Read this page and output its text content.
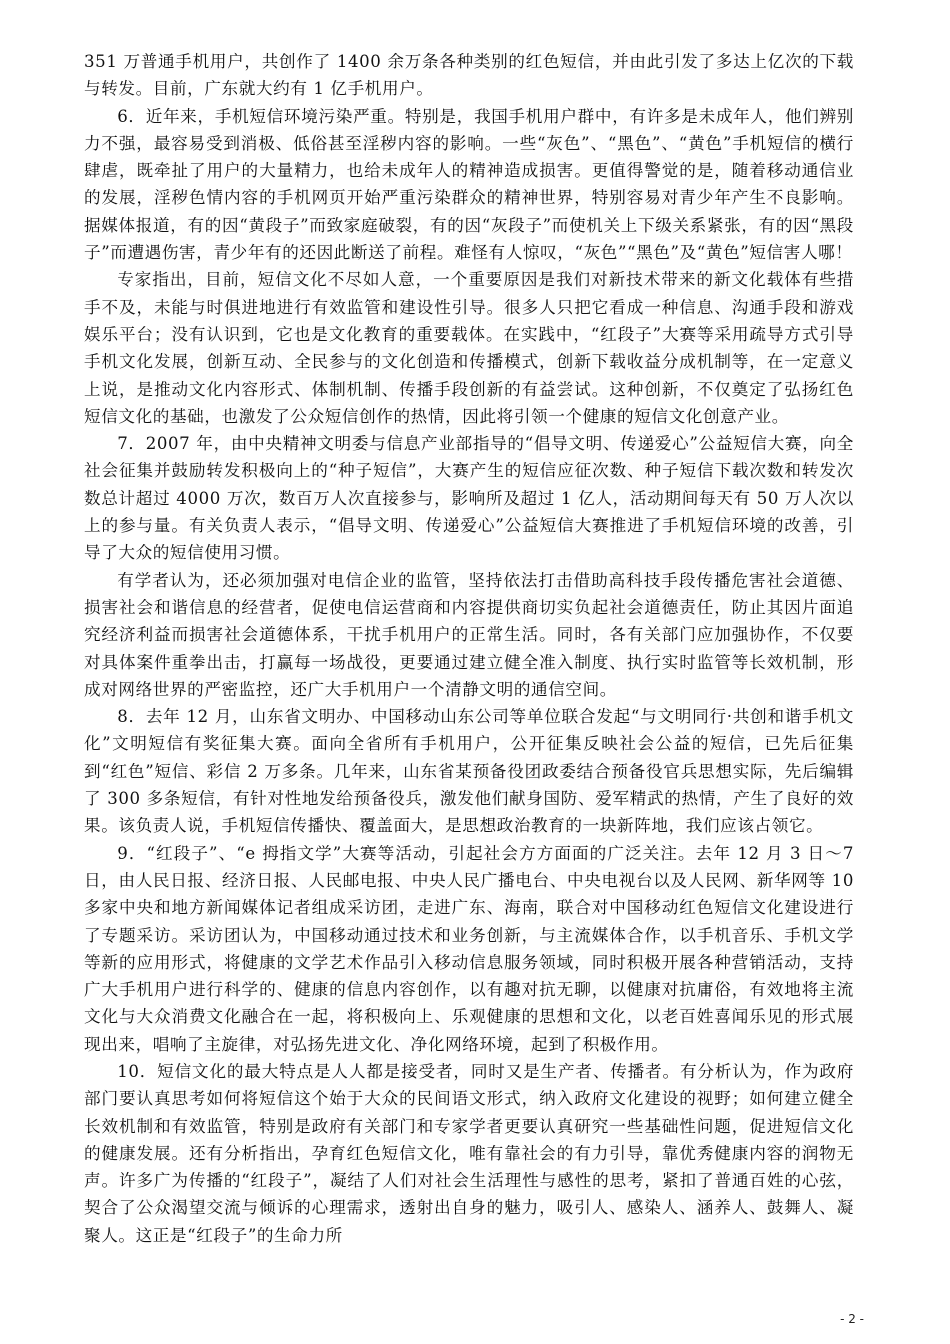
351 万普通手机用户，共创作了 1400 余万条各种类别的红色短信，并由此引发了多达上亿次的下载与转发。目前，广东就大约有 1 亿手机用户。

6．近年来，手机短信环境污染严重。特别是，我国手机用户群中，有许多是未成年人，他们辨别力不强，最容易受到消极、低俗甚至淫秽内容的影响。一些“灰色”、“黑色”、“黄色”手机短信的横行肆虐，既牵扯了用户的大量精力，也给未成年人的精神造成损害。更值得警觉的是，随着移动通信业的发展，淫秽色情内容的手机网页开始严重污染群众的精神世界，特别容易对青少年产生不良影响。据媒体报道，有的因“黄段子”而致家庭破裂，有的因“灰段子”而使机关上下级关系紧张，有的因“黑段子”而遭遇伤害，青少年有的还因此断送了前程。难怪有人惊叹，“灰色”“黑色”及“黄色”短信害人哪！

专家指出，目前，短信文化不尽如人意，一个重要原因是我们对新技术带来的新文化载体有些措手不及，未能与时俱进地进行有效监管和建设性引导。很多人只把它看成一种信息、沟通手段和游戏娱乐平台；没有认识到，它也是文化教育的重要载体。在实践中，“红段子”大赛等采用疏导方式引导手机文化发展，创新互动、全民参与的文化创造和传播模式，创新下载收益分成机制等，在一定意义上说，是推动文化内容形式、体制机制、传播手段创新的有益尝试。这种创新，不仅奠定了弘扬红色短信文化的基础，也激发了公众短信创作的热情，因此将引领一个健康的短信文化创意产业。

7．2007 年，由中央精神文明委与信息产业部指导的“倡导文明、传递爱心”公益短信大赛，向全社会征集并鼓励转发积极向上的“种子短信”，大赛产生的短信应征次数、种子短信下载次数和转发次数总计超过 4000 万次，数百万人次直接参与，影响所及超过 1 亿人，活动期间每天有 50 万人次以上的参与量。有关负责人表示，“倡导文明、传递爱心”公益短信大赛推进了手机短信环境的改善，引导了大众的短信使用习惯。

有学者认为，还必须加强对电信企业的监管，坚持依法打击借助高科技手段传播危害社会道德、损害社会和谐信息的经营者，促使电信运营商和内容提供商切实负起社会道德责任，防止其因片面追究经济利益而损害社会道德体系，干扰手机用户的正常生活。同时，各有关部门应加强协作，不仅要对具体案件重拳出击，打赢每一场战役，更要通过建立健全准入制度、执行实时监管等长效机制，形成对网络世界的严密监控，还广大手机用户一个清静文明的通信空间。

8．去年 12 月，山东省文明办、中国移动山东公司等单位联合发起“与文明同行·共创和谐手机文化”文明短信有奖征集大赛。面向全省所有手机用户，公开征集反映社会公益的短信，已先后征集到“红色”短信、彩信 2 万多条。几年来，山东省某预备役团政委结合预备役官兵思想实际，先后编辑了 300 多条短信，有针对性地发给预备役兵，激发他们献身国防、爱军精武的热情，产生了良好的效果。该负责人说，手机短信传播快、覆盖面大，是思想政治教育的一块新阵地，我们应该占领它。

9．“红段子”、“e 拇指文学”大赛等活动，引起社会方方面面的广泛关注。去年 12 月 3 日～7 日，由人民日报、经济日报、人民邮电报、中央人民广播电台、中央电视台以及人民网、新华网等 10 多家中央和地方新闻媒体记者组成采访团，走进广东、海南，联合对中国移动红色短信文化建设进行了专题采访。采访团认为，中国移动通过技术和业务创新，与主流媒体合作，以手机音乐、手机文学等新的应用形式，将健康的文学艺术作品引入移动信息服务领域，同时积极开展各种营销活动，支持广大手机用户进行科学的、健康的信息内容创作，以有趣对抗无聊，以健康对抗庸俗，有效地将主流文化与大众消费文化融合在一起，将积极向上、乐观健康的思想和文化，以老百姓喜闻乐见的形式展现出来，唱响了主旋律，对弘扬先进文化、净化网络环境，起到了积极作用。

10．短信文化的最大特点是人人都是接受者，同时又是生产者、传播者。有分析认为，作为政府部门要认真思考如何将短信这个始于大众的民间语文形式，纳入政府文化建设的视野；如何建立健全长效机制和有效监管，特别是政府有关部门和专家学者更要认真研究一些基础性问题，促进短信文化的健康发展。还有分析指出，孕育红色短信文化，唯有靠社会的有力引导，靠优秀健康内容的润物无声。许多广为传播的“红段子”，凝结了人们对社会生活理性与感性的思考，紧扣了普通百姓的心弦，契合了公众渴望交流与倾诉的心理需求，透射出自身的魅力，吸引人、感染人、涵养人、鼓舞人、凝聚人。这正是“红段子”的生命力所

- 2 -
